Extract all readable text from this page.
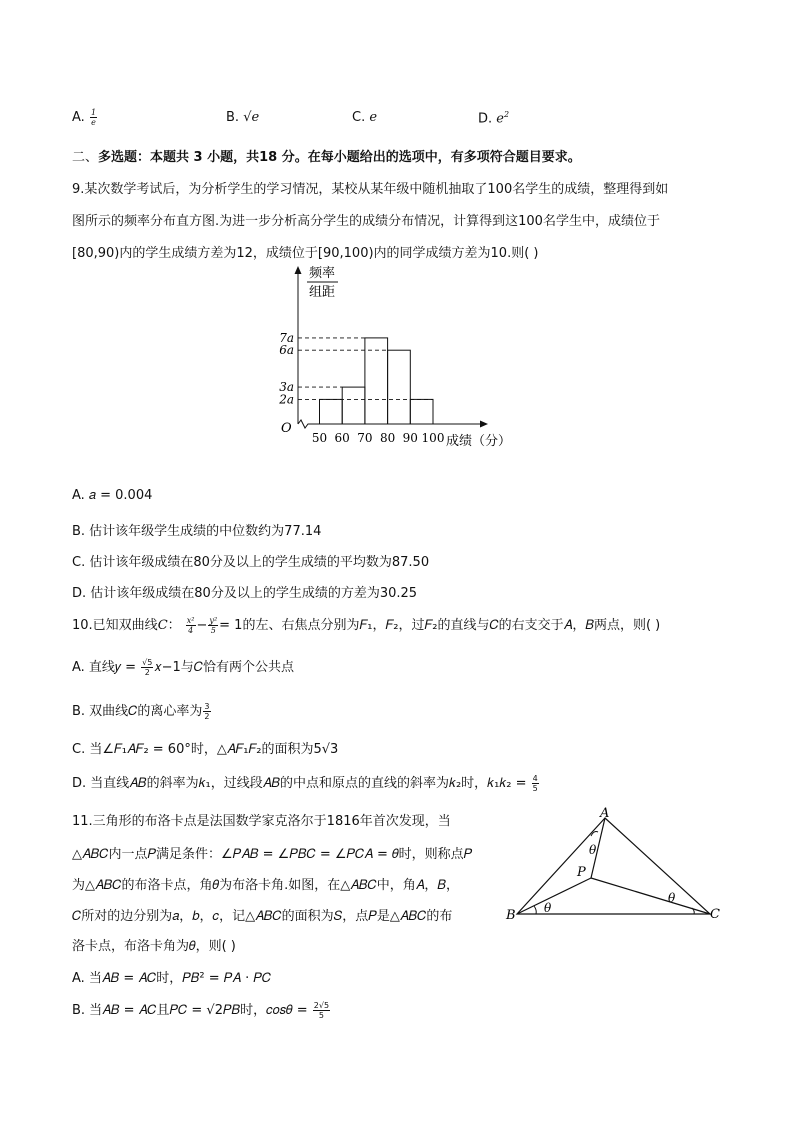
A. $\frac{1}{e}$	B. √e	C. e	D. $e^2$
二、多选题：本题共 3 小题，共18 分。在每小题给出的选项中，有多项符合题目要求。
9.某次数学考试后，为分析学生的学习情况，某校从某年级中随机抽取了100名学生的成绩，整理得到如
图所示的频率分布直方图.为进一步分析高分学生的成绩分布情况，计算得到这100名学生中，成绩位于
[80,90)内的学生成绩方差为12，成绩位于[90,100)内的同学成绩方差为10.则( )
频率
组距
O
成绩（分）
7a
6a
3a
2a
50 60 70 80 90 100
A. 𝑎 = 0.004
B. 估计该年级学生成绩的中位数约为77.14
C. 估计该年级成绩在80分及以上的学生成绩的平均数为87.50
D. 估计该年级成绩在80分及以上的学生成绩的方差为30.25
10.已知双曲线𝐶： $\frac{\text{x²}}{4} - \frac{\text{y²}}{5} = 1$的左、右焦点分别为𝐹₁，𝐹₂，过𝐹₂的直线与𝐶的右支交于𝐴，𝐵两点，则( )
A. 直线𝑦 = $\frac{√5}{2}$ 𝑥−1与𝐶恰有两个公共点
B. 双曲线𝐶的离心率为 $\frac{3}{2}$
C. 当∠𝐹₁𝐴𝐹₂ = 60°时，△𝐴𝐹₁𝐹₂的面积为5√3
D. 当直线𝐴𝐵的斜率为𝑘₁，过线段𝐴𝐵的中点和原点的直线的斜率为𝑘₂时，𝑘₁𝑘₂ = $\frac{4}{5}$
11.三角形的布洛卡点是法国数学家克洛尔于1816年首次发现，当
△𝐴𝐵𝐶内一点𝑃满足条件：∠𝑃𝐴𝐵 = ∠𝑃𝐵𝐶 = ∠𝑃𝐶𝐴 = 𝜃时，则称点𝑃
为△𝐴𝐵𝐶的布洛卡点，角𝜃为布洛卡角.如图，在△𝐴𝐵𝐶中，角𝐴，𝐵，
𝐶所对的边分别为𝑎，𝑏，𝑐，记△𝐴𝐵𝐶的面积为𝑆，点𝑃是△𝐴𝐵𝐶的布
洛卡点，布洛卡角为𝜃，则( )
A
B	C
P
θ
θ
θ
A. 当𝐴𝐵 = 𝐴𝐶时，𝑃𝐵² = 𝑃𝐴 · 𝑃𝐶
B. 当𝐴𝐵 = 𝐴𝐶且𝑃𝐶 = √2𝑃𝐵时，𝑐𝑜𝑠𝜃 = $\frac{2√5}{5}$
